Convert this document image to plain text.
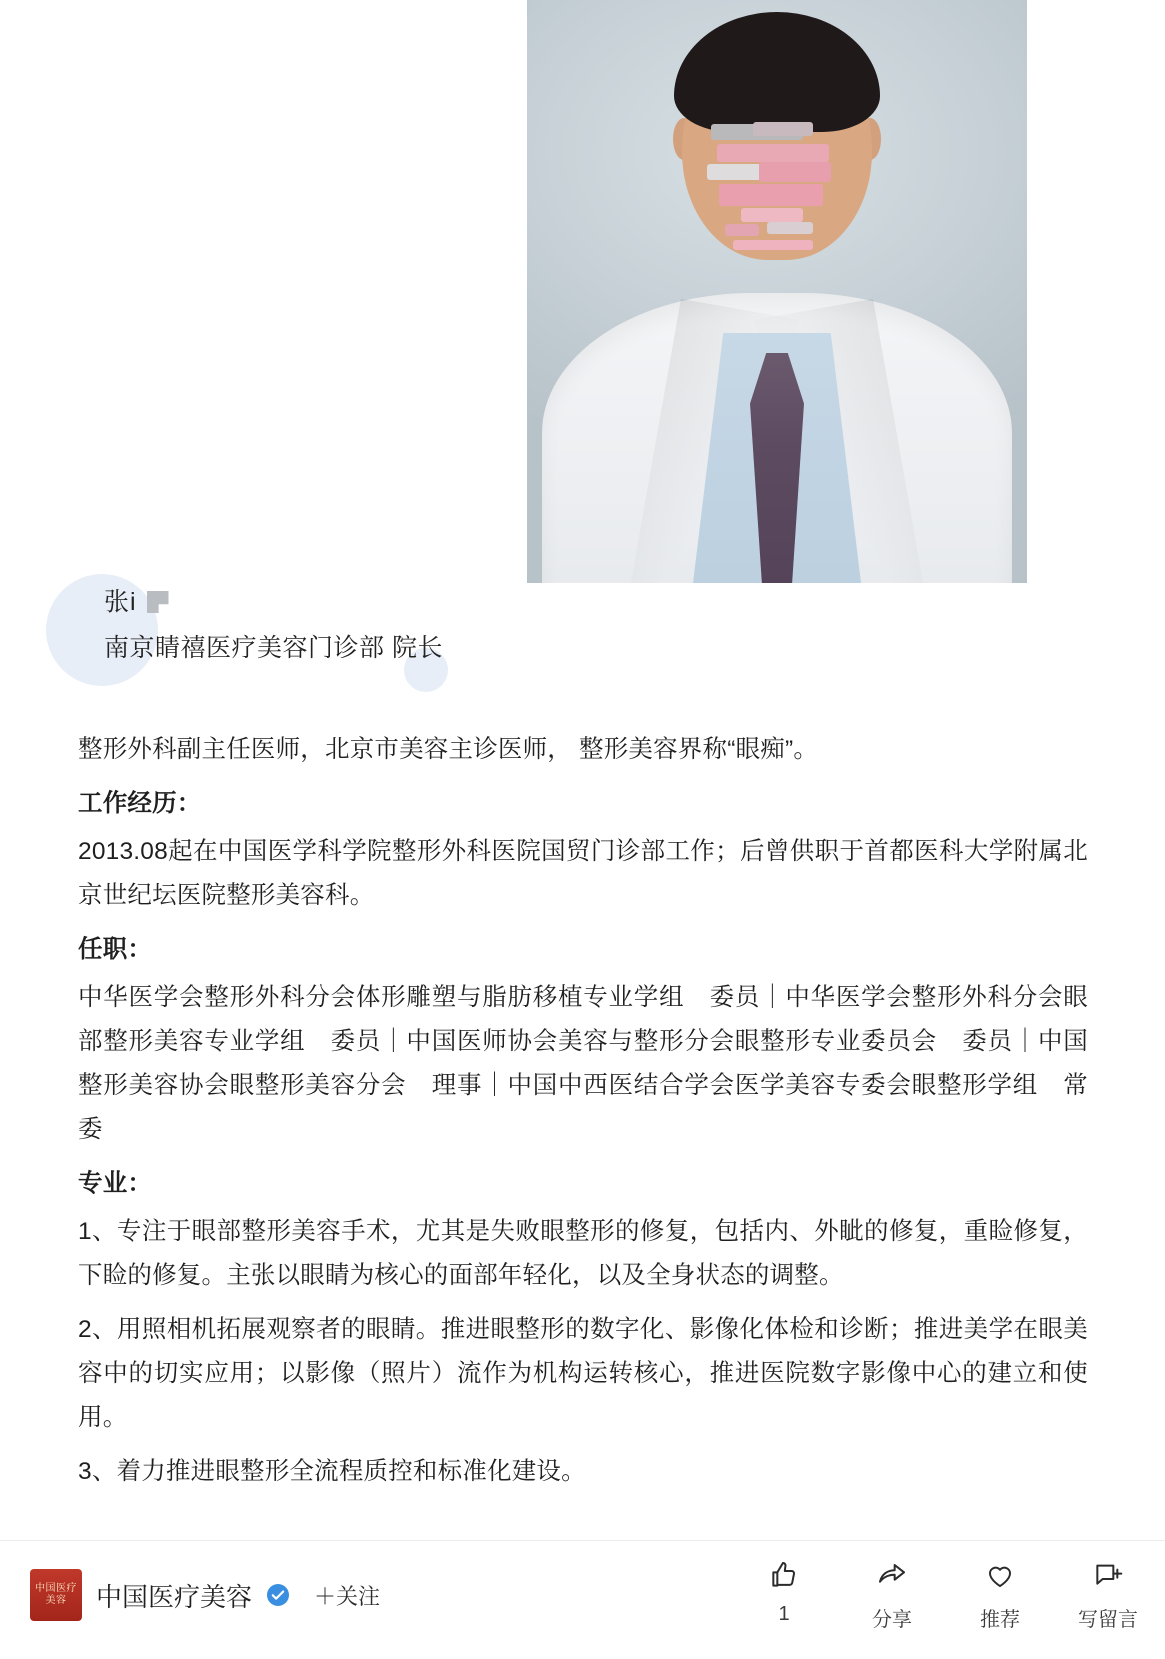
张i
南京睛禧医疗美容门诊部 院长

整形外科副主任医师，北京市美容主诊医师， 整形美容界称“眼痴”。

工作经历：

2013.08起在中国医学科学院整形外科医院国贸门诊部工作；后曾供职于首都医科大学附属北京世纪坛医院整形美容科。

任职：

中华医学会整形外科分会体形雕塑与脂肪移植专业学组　委员｜中华医学会整形外科分会眼部整形美容专业学组　委员｜中国医师协会美容与整形分会眼整形专业委员会　委员｜中国整形美容协会眼整形美容分会　理事｜中国中西医结合学会医学美容专委会眼整形学组　常委

专业：

1、专注于眼部整形美容手术，尤其是失败眼整形的修复，包括内、外眦的修复，重睑修复，下睑的修复。主张以眼睛为核心的面部年轻化，以及全身状态的调整。

2、用照相机拓展观察者的眼睛。推进眼整形的数字化、影像化体检和诊断；推进美学在眼美容中的切实应用；以影像（照片）流作为机构运转核心，推进医院数字影像中心的建立和使用。

3、着力推进眼整形全流程质控和标准化建设。

中国医疗美容	中国医疗美容	＋关注
1	分享	推荐	写留言
